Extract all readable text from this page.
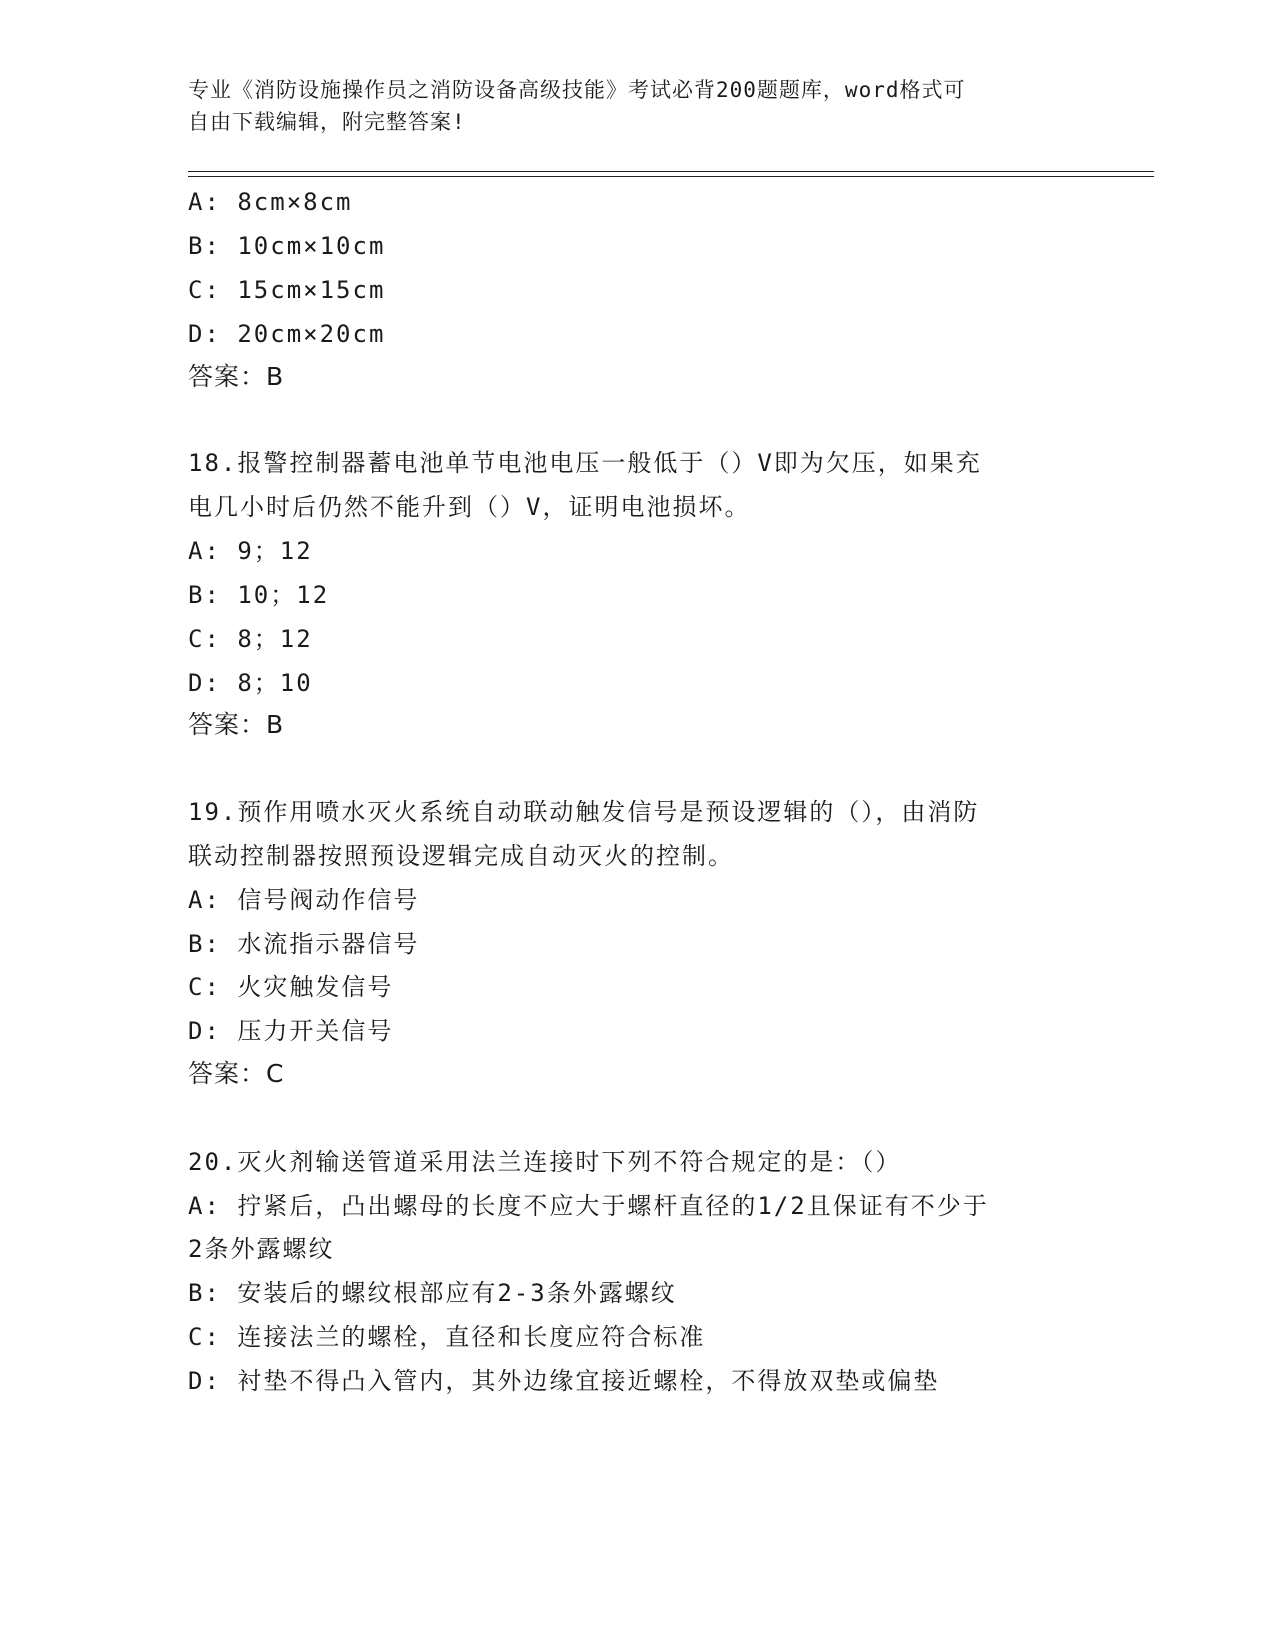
专业《消防设施操作员之消防设备高级技能》考试必背200题题库，word格式可
自由下载编辑，附完整答案!
A: 8cm×8cm
B: 10cm×10cm
C: 15cm×15cm
D: 20cm×20cm
答案：B
18.报警控制器蓄电池单节电池电压一般低于（）V即为欠压，如果充
电几小时后仍然不能升到（）V，证明电池损坏。
A: 9；12
B: 10；12
C: 8；12
D: 8；10
答案：B
19.预作用喷水灭火系统自动联动触发信号是预设逻辑的（），由消防
联动控制器按照预设逻辑完成自动灭火的控制。
A: 信号阀动作信号
B: 水流指示器信号
C: 火灾触发信号
D: 压力开关信号
答案：C
20.灭火剂输送管道采用法兰连接时下列不符合规定的是：（）
A: 拧紧后，凸出螺母的长度不应大于螺杆直径的1/2且保证有不少于
2条外露螺纹
B: 安装后的螺纹根部应有2-3条外露螺纹
C: 连接法兰的螺栓，直径和长度应符合标准
D: 衬垫不得凸入管内，其外边缘宜接近螺栓，不得放双垫或偏垫
